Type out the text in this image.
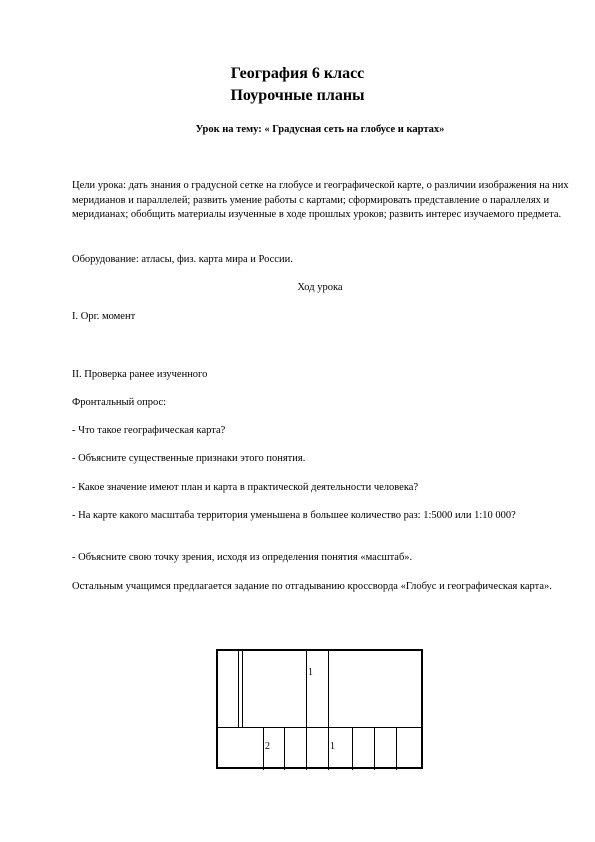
География 6 класс
Поурочные планы
Урок на тему: « Градусная сеть на глобусе и картах»
Цели урока: дать знания о градусной сетке на глобусе и географической карте, о различии изображения на них меридианов и параллелей; развить умение работы с картами; сформировать представление о параллелях и меридианах; обобщить материалы изученные в ходе прошлых уроков; развить интерес изучаемого предмета.
Оборудование: атласы, физ. карта мира и России.
Ход урока
I. Орг. момент
II. Проверка ранее изученного
Фронтальный опрос:
- Что такое географическая карта?
- Объясните существенные признаки этого понятия.
- Какое значение имеют план и карта в практической деятельности человека?
- На карте какого масштаба территория уменьшена в большее количество раз: 1:5000 или 1:10 000?
- Объясните свою точку зрения, исходя из определения понятия «масштаб».
Остальным учащимся предлагается задание по отгадыванию кроссворда «Глобус и географическая карта».
1
2	1
